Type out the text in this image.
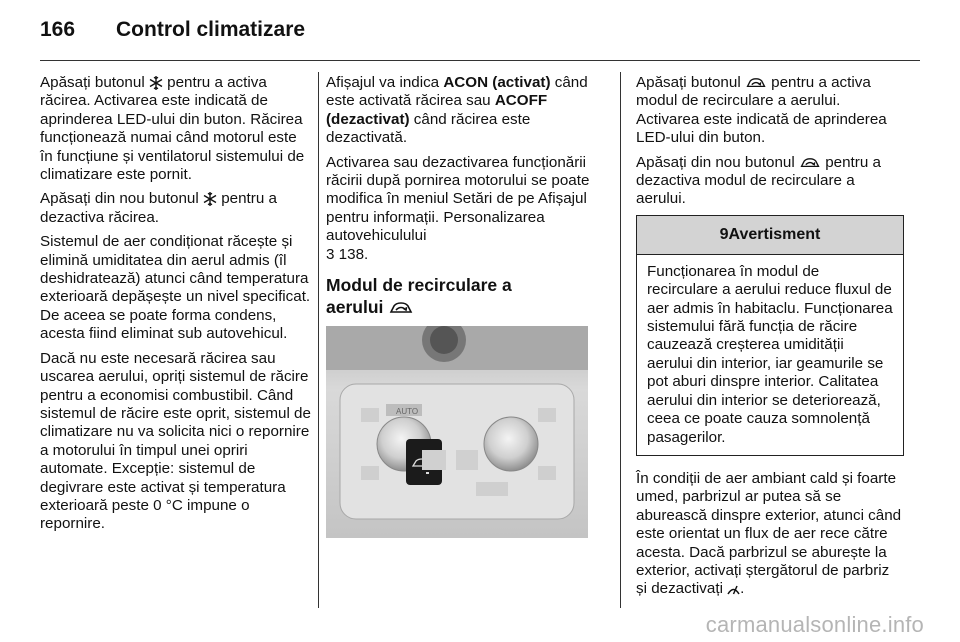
166	Control climatizare

Apăsați butonul  pentru a activa răcirea. Activarea este indicată de aprinderea LED-ului din buton. Răcirea funcționează numai când motorul este în funcțiune și ventilatorul sistemului de climatizare este pornit.

Apăsați din nou butonul  pentru a dezactiva răcirea.

Sistemul de aer condiționat răcește și elimină umiditatea din aerul admis (îl deshidratează) atunci când temperatura exterioară depășește un nivel specificat. De aceea se poate forma condens, acesta fiind eliminat sub autovehicul.

Dacă nu este necesară răcirea sau uscarea aerului, opriți sistemul de răcire pentru a economisi combustibil. Când sistemul de răcire este oprit, sistemul de climatizare nu va solicita nici o repornire a motorului în timpul unei opriri automate. Excepție: sistemul de degivrare este activat și temperatura exterioară peste 0 °C impune o repornire.

Afișajul va indica ACON (activat) când este activată răcirea sau ACOFF (dezactivat) când răcirea este dezactivată.

Activarea sau dezactivarea funcționării răcirii după pornirea motorului se poate modifica în meniul Setări de pe Afișajul pentru informații. Personalizarea autovehiculului
3 138.

Modul de recirculare a
aerului
AUTO

Apăsați butonul  pentru a activa modul de recirculare a aerului. Activarea este indicată de aprinderea LED-ului din buton.

Apăsați din nou butonul  pentru a dezactiva modul de recirculare a aerului.

9 Avertisment
Funcționarea în modul de recirculare a aerului reduce fluxul de aer admis în habitaclu. Funcționarea sistemului fără funcția de răcire cauzează creșterea umidității aerului din interior, iar geamurile se pot aburi dinspre interior. Calitatea aerului din interior se deteriorează, ceea ce poate cauza somnolență pasagerilor.

În condiții de aer ambiant cald și foarte umed, parbrizul ar putea să se aburească dinspre exterior, atunci când este orientat un flux de aer rece către acesta. Dacă parbrizul se aburește la exterior, activați ștergătorul de parbriz și dezactivați .

carmanualsonline.info
